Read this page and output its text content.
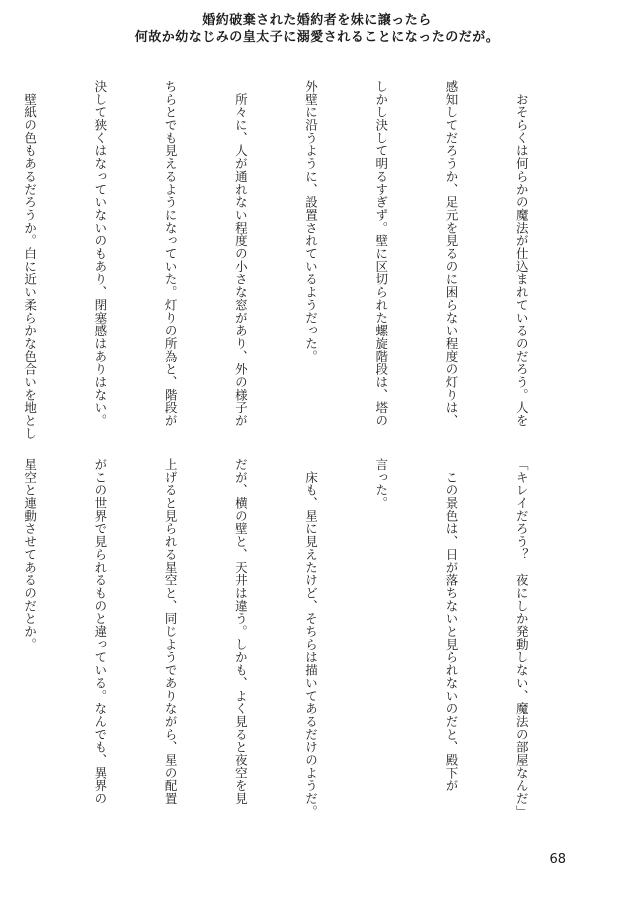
婚約破棄された婚約者を妹に譲ったら
何故か幼なじみの皇太子に溺愛されることになったのだが。

　おそらくは何らかの魔法が仕込まれているのだろう。人を

感知してだろうか、足元を見るのに困らない程度の灯りは、

しかし決して明るすぎず。壁に区切られた螺旋階段は、塔の

外壁に沿うように、設置されているようだった。

　所々に、人が通れない程度の小さな窓があり、外の様子が

ちらとでも見えるようになっていた。灯りの所為と、階段が

決して狭くはなっていないのもあり、閉塞感はありはない。

　壁紙の色もあるだろうか。白に近い柔らかな色合いを地とし

「キレイだろう？　夜にしか発動しない、魔法の部屋なんだ」

　この景色は、日が落ちないと見られないのだと、殿下が

言った。

　床も、星に見えたけど、そちらは描いてあるだけのようだ。

だが、横の壁と、天井は違う。しかも、よく見ると夜空を見

上げると見られる星空と、同じようでありながら、星の配置

がこの世界で見られるものと違っている。なんでも、異界の

星空と連動させてあるのだとか。

68
